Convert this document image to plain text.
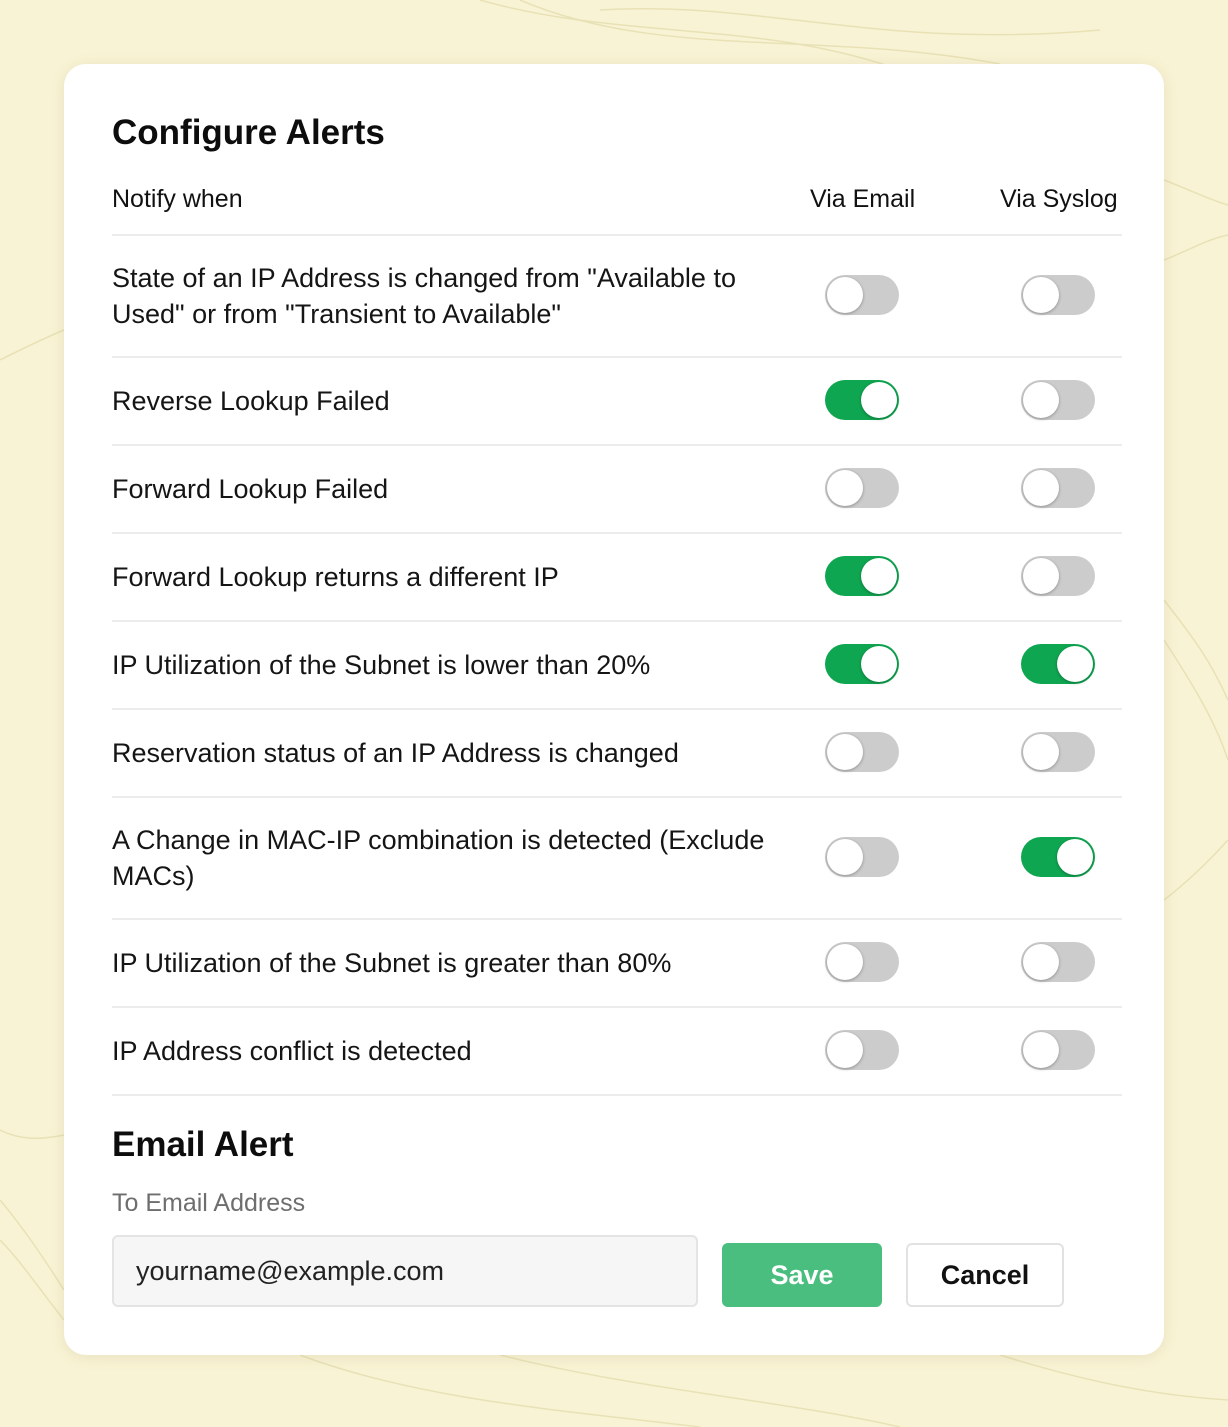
Configure Alerts
Notify when	Via Email	Via Syslog
State of an IP Address is changed from "Available to Used" or from "Transient to Available"
Reverse Lookup Failed
Forward Lookup Failed
Forward Lookup returns a different IP
IP Utilization of the Subnet is lower than 20%
Reservation status of an IP Address is changed
A Change in MAC-IP combination is detected (Exclude MACs)
IP Utilization of the Subnet is greater than 80%
IP Address conflict is detected
Email Alert
To Email Address
yourname@example.com
Save	Cancel
